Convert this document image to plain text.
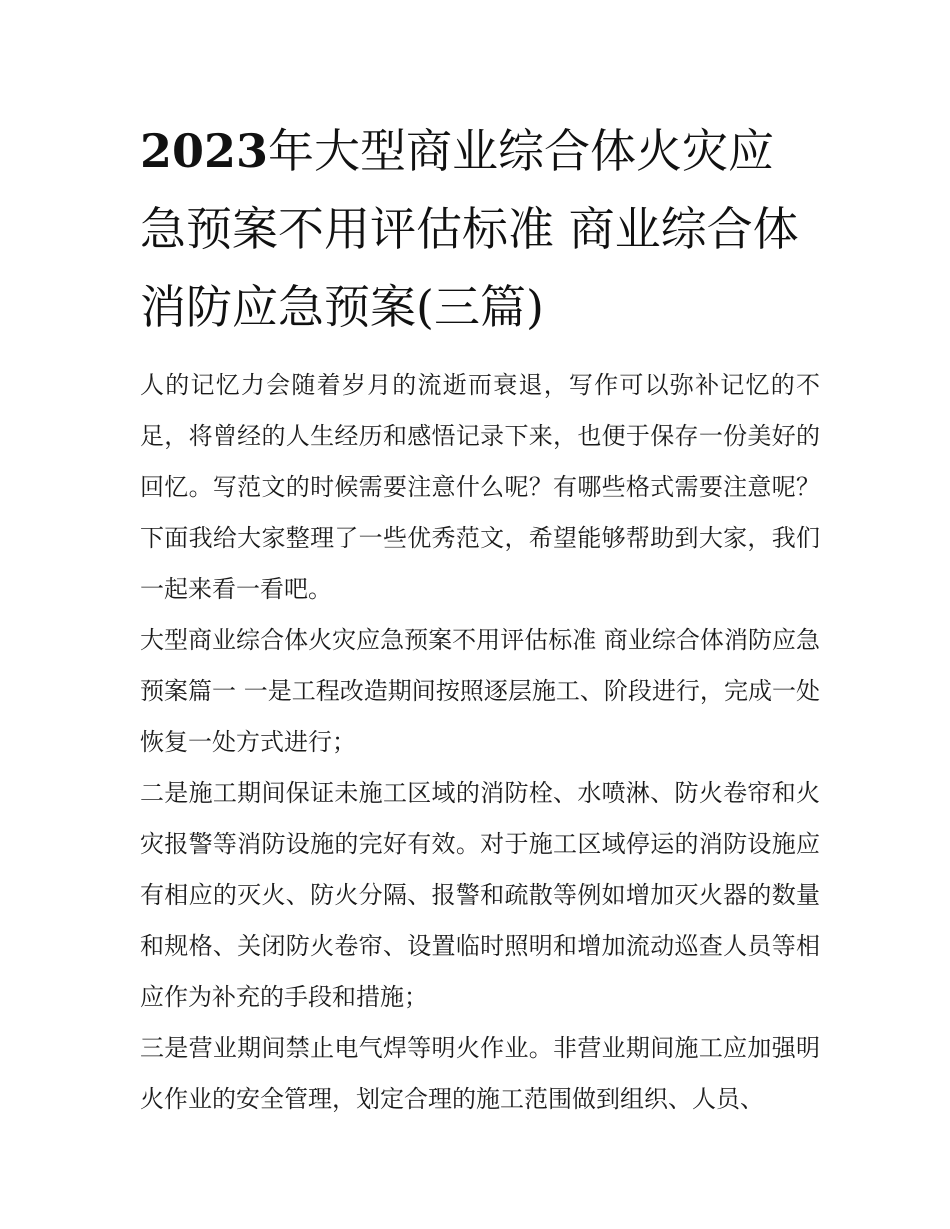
2023年大型商业综合体火灾应急预案不用评估标准 商业综合体消防应急预案(三篇)

人的记忆力会随着岁月的流逝而衰退，写作可以弥补记忆的不足，将曾经的人生经历和感悟记录下来，也便于保存一份美好的回忆。写范文的时候需要注意什么呢？有哪些格式需要注意呢？下面我给大家整理了一些优秀范文，希望能够帮助到大家，我们一起来看一看吧。

大型商业综合体火灾应急预案不用评估标准 商业综合体消防应急预案篇一 一是工程改造期间按照逐层施工、阶段进行，完成一处恢复一处方式进行；

二是施工期间保证未施工区域的消防栓、水喷淋、防火卷帘和火灾报警等消防设施的完好有效。对于施工区域停运的消防设施应有相应的灭火、防火分隔、报警和疏散等例如增加灭火器的数量和规格、关闭防火卷帘、设置临时照明和增加流动巡查人员等相应作为补充的手段和措施；

三是营业期间禁止电气焊等明火作业。非营业期间施工应加强明火作业的安全管理，划定合理的施工范围做到组织、人员、
